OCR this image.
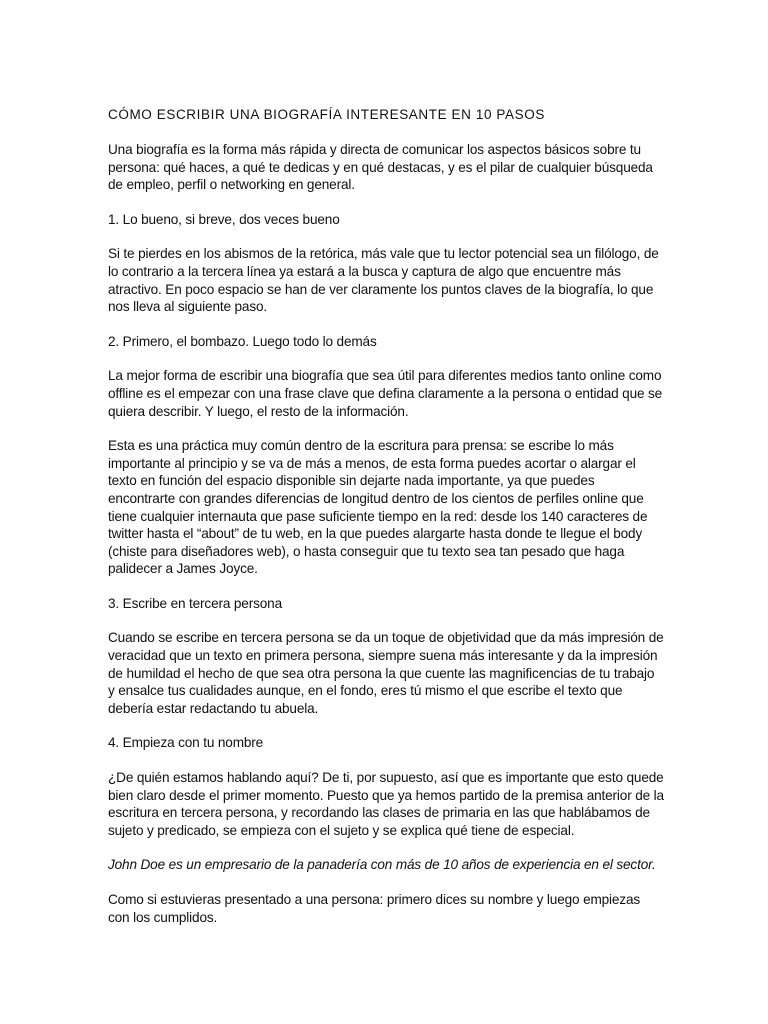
CÓMO ESCRIBIR UNA BIOGRAFÍA INTERESANTE EN 10 PASOS

Una biografía es la forma más rápida y directa de comunicar los aspectos básicos sobre tu persona: qué haces, a qué te dedicas y en qué destacas, y es el pilar de cualquier búsqueda de empleo, perfil o networking en general.

1. Lo bueno, si breve, dos veces bueno

Si te pierdes en los abismos de la retórica, más vale que tu lector potencial sea un filólogo, de lo contrario a la tercera línea ya estará a la busca y captura de algo que encuentre más atractivo. En poco espacio se han de ver claramente los puntos claves de la biografía, lo que nos lleva al siguiente paso.

2. Primero, el bombazo. Luego todo lo demás

La mejor forma de escribir una biografía que sea útil para diferentes medios tanto online como offline es el empezar con una frase clave que defina claramente a la persona o entidad que se quiera describir. Y luego, el resto de la información.

Esta es una práctica muy común dentro de la escritura para prensa: se escribe lo más importante al principio y se va de más a menos, de esta forma puedes acortar o alargar el texto en función del espacio disponible sin dejarte nada importante, ya que puedes encontrarte con grandes diferencias de longitud dentro de los cientos de perfiles online que tiene cualquier internauta que pase suficiente tiempo en la red: desde los 140 caracteres de twitter hasta el “about” de tu web, en la que puedes alargarte hasta donde te llegue el body (chiste para diseñadores web), o hasta conseguir que tu texto sea tan pesado que haga palidecer a James Joyce.

3. Escribe en tercera persona

Cuando se escribe en tercera persona se da un toque de objetividad que da más impresión de veracidad que un texto en primera persona, siempre suena más interesante y da la impresión de humildad el hecho de que sea otra persona la que cuente las magnificencias de tu trabajo y ensalce tus cualidades aunque, en el fondo, eres tú mismo el que escribe el texto que debería estar redactando tu abuela.

4. Empieza con tu nombre

¿De quién estamos hablando aquí? De ti, por supuesto, así que es importante que esto quede bien claro desde el primer momento. Puesto que ya hemos partido de la premisa anterior de la escritura en tercera persona, y recordando las clases de primaria en las que hablábamos de sujeto y predicado, se empieza con el sujeto y se explica qué tiene de especial.

John Doe es un empresario de la panadería con más de 10 años de experiencia en el sector.

Como si estuvieras presentado a una persona: primero dices su nombre y luego empiezas con los cumplidos.
